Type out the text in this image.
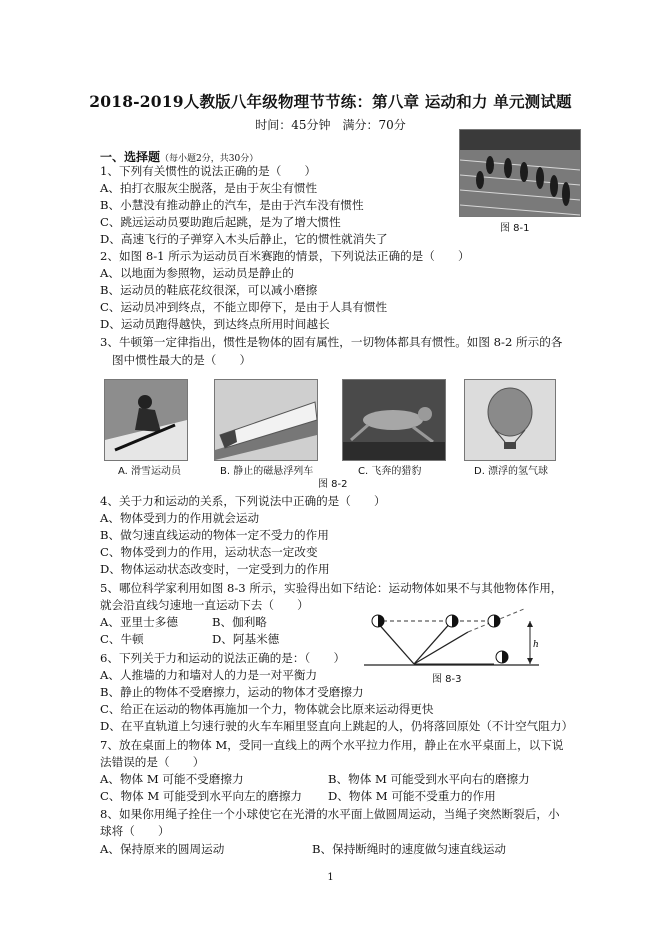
2018-2019人教版八年级物理节节练：第八章 运动和力 单元测试题
时间：45分钟　满分：70分
一、选择题（每小题2分，共30分）
图 8-1
1、下列有关惯性的说法正确的是（　　）
A、拍打衣服灰尘脱落，是由于灰尘有惯性
B、小慧没有推动静止的汽车，是由于汽车没有惯性
C、跳远运动员要助跑后起跳，是为了增大惯性
D、高速飞行的子弹穿入木头后静止，它的惯性就消失了
2、如图 8-1 所示为运动员百米赛跑的情景，下列说法正确的是（　　）
A、以地面为参照物，运动员是静止的
B、运动员的鞋底花纹很深，可以减小磨擦
C、运动员冲到终点，不能立即停下，是由于人具有惯性
D、运动员跑得越快，到达终点所用时间越长
3、牛顿第一定律指出，惯性是物体的固有属性，一切物体都具有惯性。如图 8-2 所示的各
图中惯性最大的是（　　）
A. 滑雪运动员	B. 静止的磁悬浮列车	C. 飞奔的猎豹	D. 漂浮的氢气球
图 8-2
4、关于力和运动的关系，下列说法中正确的是（　　）
A、物体受到力的作用就会运动
B、做匀速直线运动的物体一定不受力的作用
C、物体受到力的作用，运动状态一定改变
D、物体运动状态改变时，一定受到力的作用
5、哪位科学家利用如图 8-3 所示，实验得出如下结论：运动物体如果不与其他物体作用，
就会沿直线匀速地一直运动下去（　　）
A、亚里士多德	B、伽利略
C、牛顿	D、阿基米德	h
图 8-3
6、下列关于力和运动的说法正确的是：（　　）
A、人推墙的力和墙对人的力是一对平衡力
B、静止的物体不受磨擦力，运动的物体才受磨擦力
C、给正在运动的物体再施加一个力，物体就会比原来运动得更快
D、在平直轨道上匀速行驶的火车车厢里竖直向上跳起的人，仍将落回原处（不计空气阻力）
7、放在桌面上的物体 M，受同一直线上的两个水平拉力作用，静止在水平桌面上，以下说
法错误的是（　　）
A、物体 M 可能不受磨擦力	B、物体 M 可能受到水平向右的磨擦力
C、物体 M 可能受到水平向左的磨擦力 D、物体 M 可能不受重力的作用
8、如果你用绳子拴住一个小球使它在光滑的水平面上做圆周运动，当绳子突然断裂后，小
球将（　　）
A、保持原来的圆周运动	B、保持断绳时的速度做匀速直线运动
1
